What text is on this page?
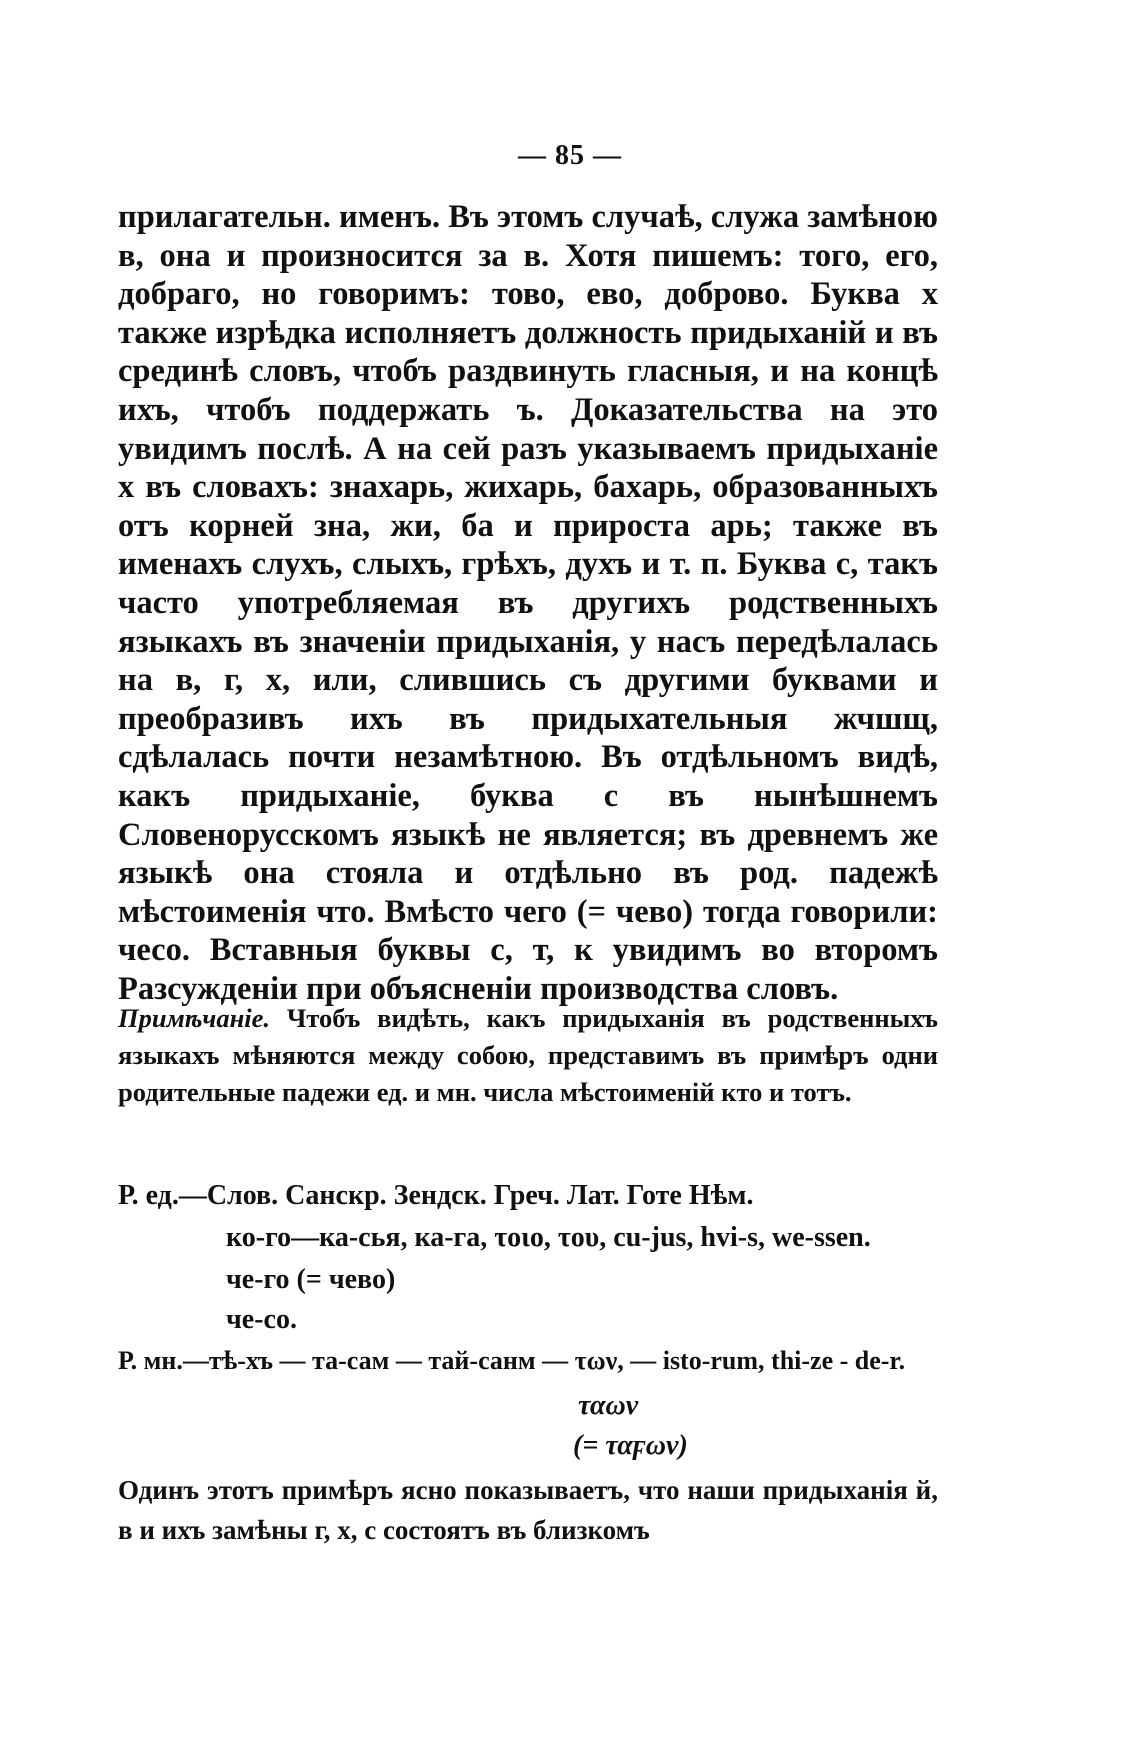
— 85 —

прилагательн. именъ. Въ этомъ случаѣ, служа замѣною в, она и произносится за в. Хотя пишемъ: того, его, добраго, но говоримъ: тово, ево, доброво. Буква х также изрѣдка исполняетъ должность придыханій и въ срединѣ словъ, чтобъ раздвинуть гласныя, и на концѣ ихъ, чтобъ поддержать ъ. Доказательства на это увидимъ послѣ. А на сей разъ указываемъ придыханіе х въ словахъ: знахарь, жихарь, бахарь, образованныхъ отъ корней зна, жи, ба и прироста арь; также въ именахъ слухъ, слыхъ, грѣхъ, духъ и т. п. Буква с, такъ часто употребляемая въ другихъ родственныхъ языкахъ въ значеніи придыханія, у насъ передѣлалась на в, г, х, или, слившись съ другими буквами и преобразивъ ихъ въ придыхательныя жчшщ, сдѣлалась почти незамѣтною. Въ отдѣльномъ видѣ, какъ придыханіе, буква с въ нынѣшнемъ Словенорусскомъ языкѣ не является; въ древнемъ же языкѣ она стояла и отдѣльно въ род. падежѣ мѣстоименія что. Вмѣсто чего (= чево) тогда говорили: чесо. Вставныя буквы с, т, к увидимъ во второмъ Разсужденіи при объясненіи производства словъ.

Примѣчаніе. Чтобъ видѣть, какъ придыханія въ родственныхъ языкахъ мѣняются между собою, представимъ въ примѣръ одни родительные падежи ед. и мн. числа мѣстоименій кто и тотъ.

Р. ед.—Слов. Санскр. Зендск. Греч. Лат. Готе Нѣм.
ко-го—ка-сья, ка-га, τοιο, του, cu-jus, hvi-s, we-ssen.
че-го (= чево)
че-со.
Р. мн.—тѣ-хъ — та-сам — тай-санм — των, — isto-rum, thi-ze - de-r.
ταων
(= ταϝων)

Одинъ этотъ примѣръ ясно показываетъ, что наши придыханія й, в и ихъ замѣны г, х, с состоятъ въ близкомъ
